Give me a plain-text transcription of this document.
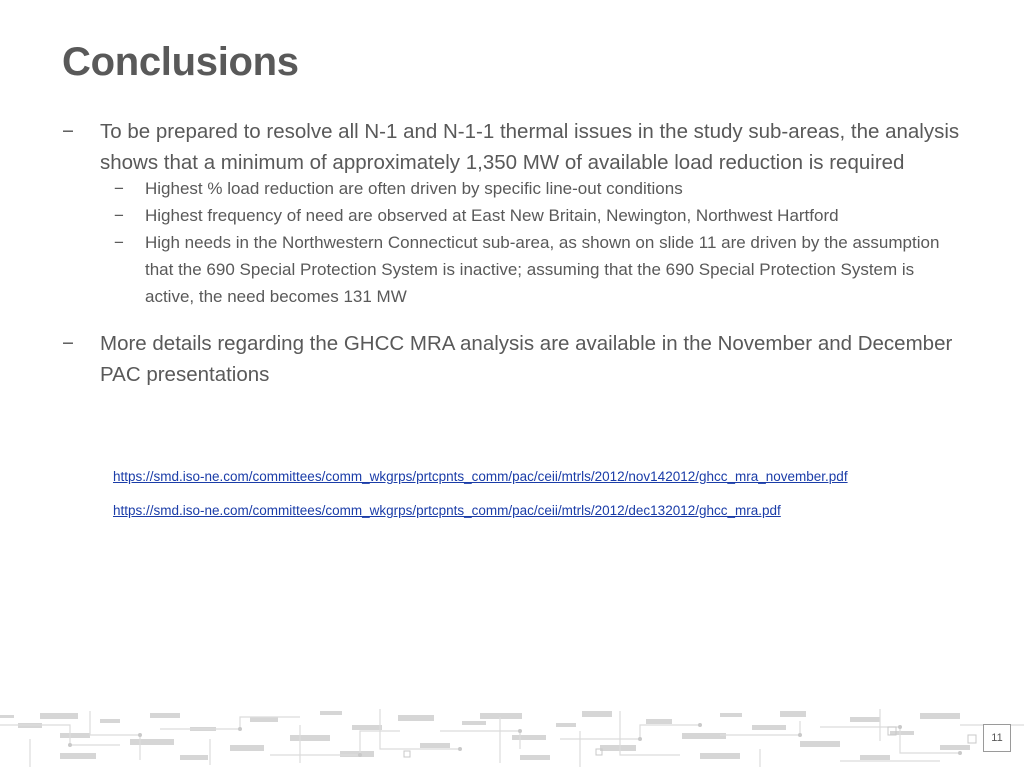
Conclusions
− To be prepared to resolve all N-1 and N-1-1 thermal issues in the study sub-areas, the analysis shows that a minimum of approximately 1,350 MW of available load reduction is required
− Highest % load reduction are often driven by specific line-out conditions
− Highest frequency of need are observed at East New Britain, Newington, Northwest Hartford
− High needs in the Northwestern Connecticut sub-area, as shown on slide 11 are driven by the assumption that the 690 Special Protection System is inactive; assuming that the 690 Special Protection System is active, the need becomes 131 MW
− More details regarding the GHCC MRA analysis are available in the November and December PAC presentations
https://smd.iso-ne.com/committees/comm_wkgrps/prtcpnts_comm/pac/ceii/mtrls/2012/nov142012/ghcc_mra_november.pdf
https://smd.iso-ne.com/committees/comm_wkgrps/prtcpnts_comm/pac/ceii/mtrls/2012/dec132012/ghcc_mra.pdf
11
